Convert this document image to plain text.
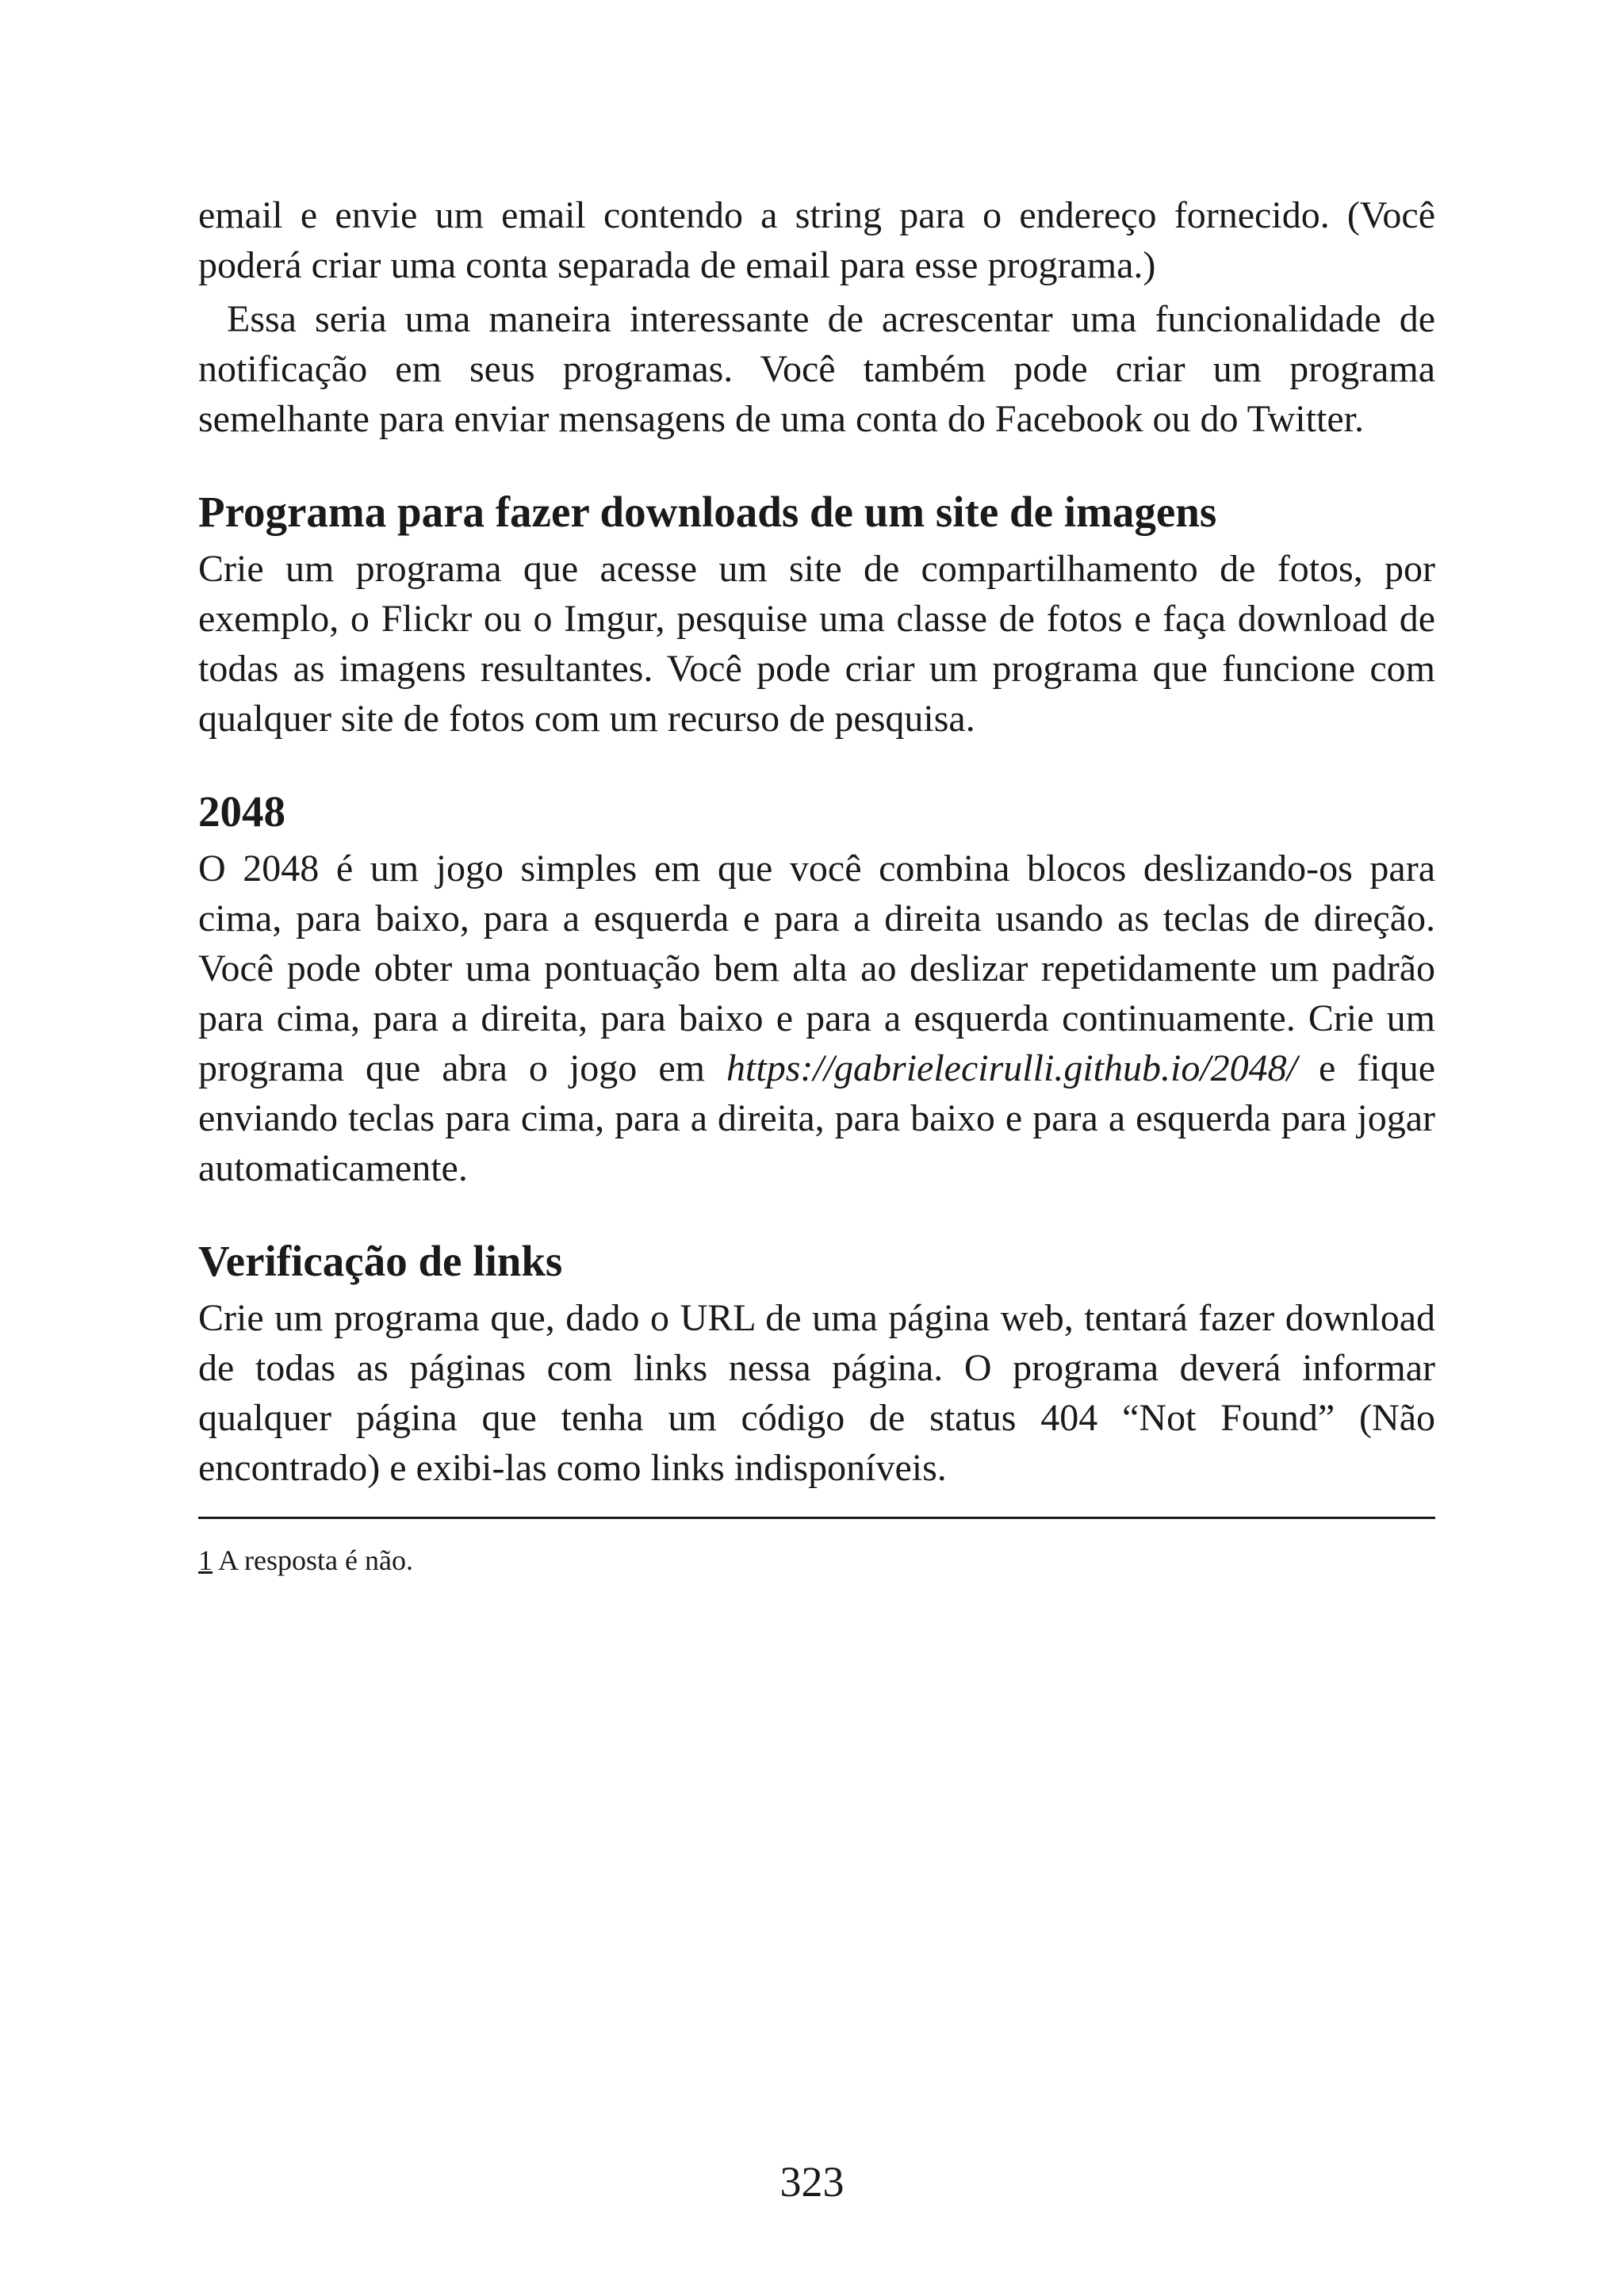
email e envie um email contendo a string para o endereço fornecido. (Você poderá criar uma conta separada de email para esse programa.)

Essa seria uma maneira interessante de acrescentar uma funcionalidade de notificação em seus programas. Você também pode criar um programa semelhante para enviar mensagens de uma conta do Facebook ou do Twitter.

Programa para fazer downloads de um site de imagens

Crie um programa que acesse um site de compartilhamento de fotos, por exemplo, o Flickr ou o Imgur, pesquise uma classe de fotos e faça download de todas as imagens resultantes. Você pode criar um programa que funcione com qualquer site de fotos com um recurso de pesquisa.

2048

O 2048 é um jogo simples em que você combina blocos deslizando-os para cima, para baixo, para a esquerda e para a direita usando as teclas de direção. Você pode obter uma pontuação bem alta ao deslizar repetidamente um padrão para cima, para a direita, para baixo e para a esquerda continuamente. Crie um programa que abra o jogo em https://gabrielecirulli.github.io/2048/ e fique enviando teclas para cima, para a direita, para baixo e para a esquerda para jogar automaticamente.

Verificação de links

Crie um programa que, dado o URL de uma página web, tentará fazer download de todas as páginas com links nessa página. O programa deverá informar qualquer página que tenha um código de status 404 “Not Found” (Não encontrado) e exibi-las como links indisponíveis.

1 A resposta é não.

323
